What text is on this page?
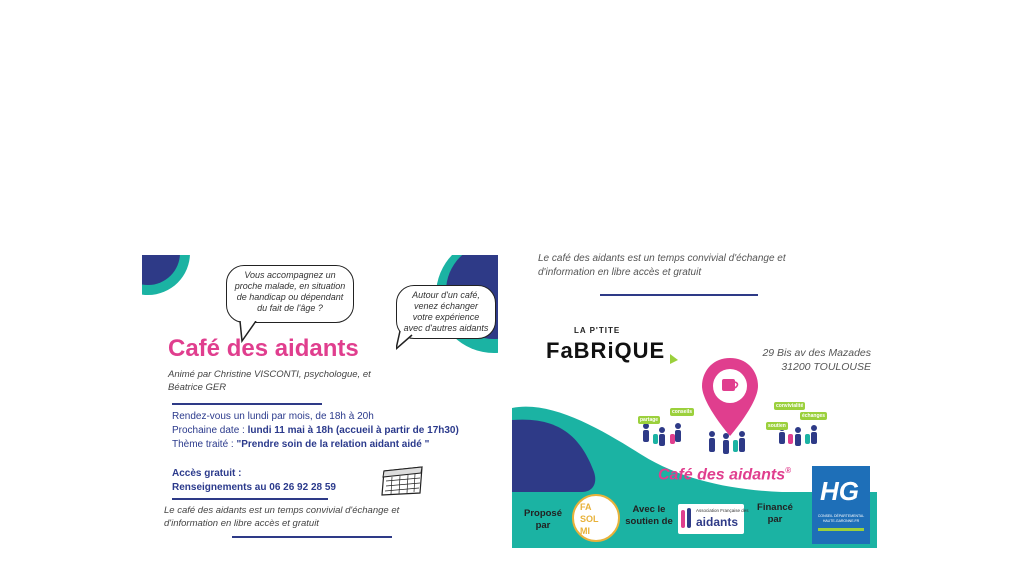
Vous accompagnez un proche malade, en situation de handicap ou dépendant du fait de l'âge ?
Autour d'un café, venez échanger votre expérience avec d'autres aidants
Café des aidants
Animé par Christine VISCONTI, psychologue, et
Béatrice GER
Rendez-vous un lundi par mois, de 18h à 20h
Prochaine date : lundi 11 mai à 18h (accueil à partir de 17h30)
Thème traité : "Prendre soin de la relation aidant aidé "
Accès gratuit :
Renseignements au 06 26 92 28 59
Le café des aidants est un temps convivial d'échange et
d'information en libre accès et gratuit
Le café des aidants est un temps convivial d'échange et
d'information en libre accès et gratuit
LA P'TITE
FaBRiQUE	29 Bis av des Mazades
31200 TOULOUSE
partage
conseils
convivialité
soutien
échanges
Café des aidants®
Proposé par
FA
SOL
MI
Avec le soutien de
Association Française des
aidants
Financé par
HG
CONSEIL DÉPARTEMENTAL HAUTE-GARONNE.FR
